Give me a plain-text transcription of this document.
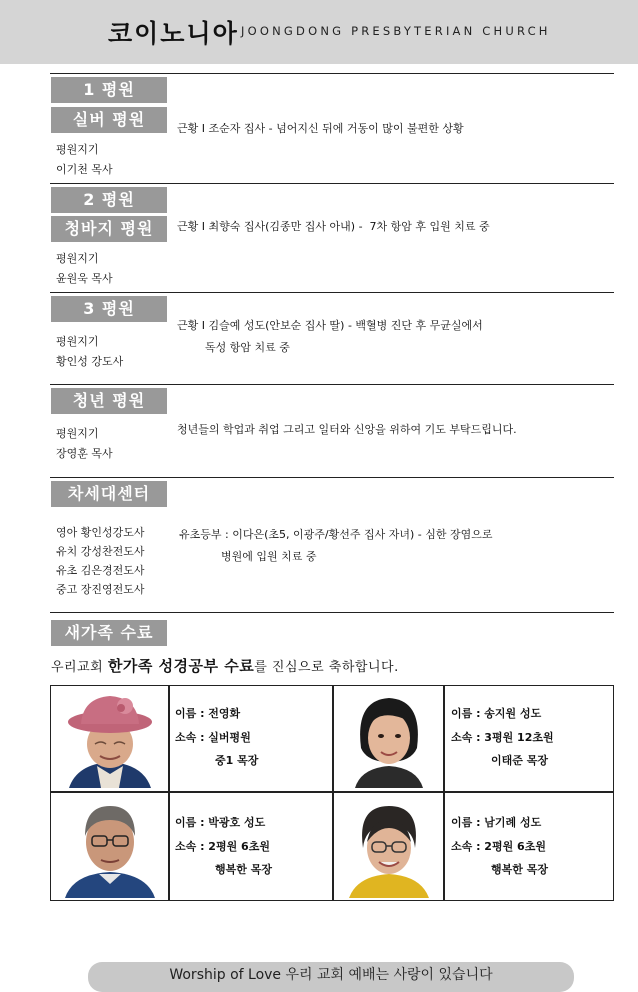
코이노니아 JOONGDONG PRESBYTERIAN CHURCH
1 평원
실버 평원
평원지기
이기천 목사
근황 I 조순자 집사 - 넘어지신 뒤에 거동이 많이 불편한 상황
2 평원
청바지 평원
평원지기
윤원욱 목사
근황 I 최향숙 집사(김종만 집사 아내) -  7차 항암 후 입원 치료 중
3 평원
평원지기
황인성 강도사
근황 I 김슬예 성도(안보순 집사 딸) - 백혈병 진단 후 무균실에서
독성 항암 치료 중
청년 평원
평원지기
장영훈 목사
청년들의 학업과 취업 그리고 일터와 신앙을 위하여 기도 부탁드립니다.
차세대센터
영아 황인성강도사
유치 강성찬전도사
유초 김은경전도사
중고 장진영전도사
유초등부 : 이다은(초5, 이광주/황선주 집사 자녀) - 심한 장염으로
병원에 입원 치료 중
새가족 수료
우리교회 한가족 성경공부 수료를 진심으로 축하합니다.
이름 : 전영화
소속 : 실버평원
중1 목장
이름 : 송지원 성도
소속 : 3평원 12초원
이태준 목장
이름 : 박광호 성도
소속 : 2평원 6초원
행복한 목장
이름 : 남기례 성도
소속 : 2평원 6초원
행복한 목장
Worship of Love 우리 교회 예배는 사랑이 있습니다
